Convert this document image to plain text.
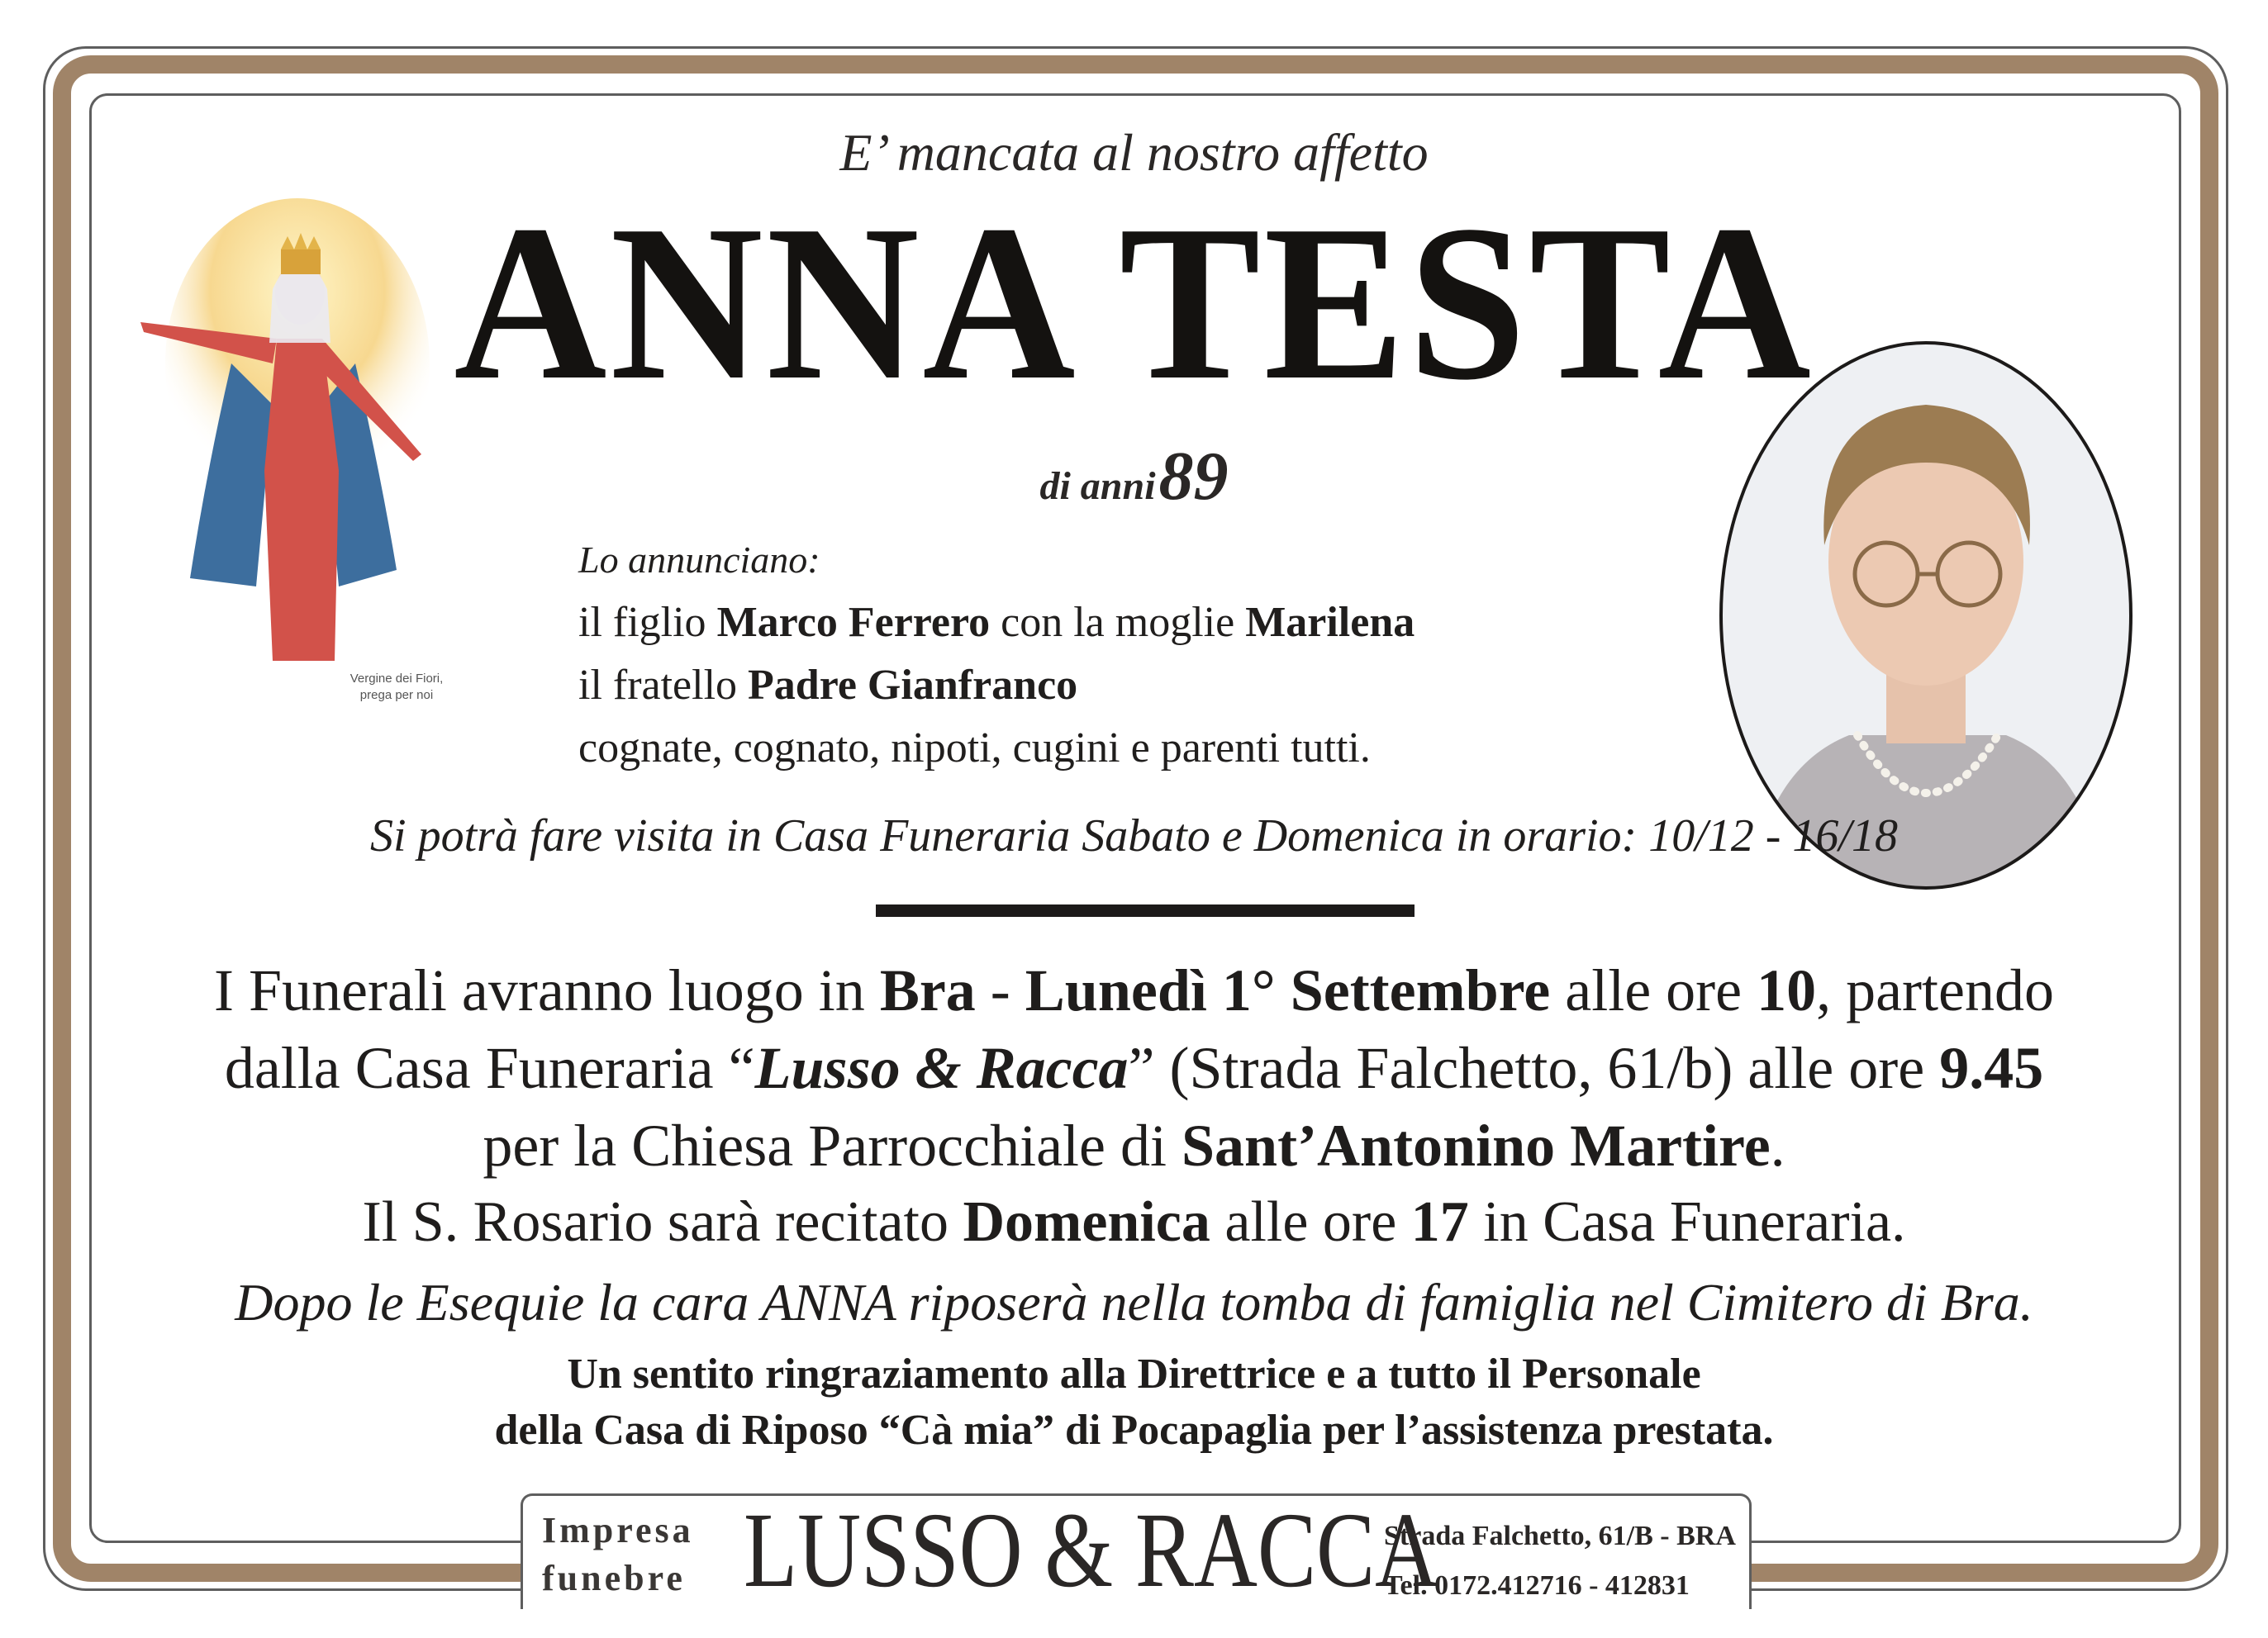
E’ mancata al nostro affetto
ANNA TESTA
di anni 89
Vergine dei Fiori,
prega per noi
Lo annunciano:
il figlio Marco Ferrero con la moglie Marilena
il fratello Padre Gianfranco
cognate, cognato, nipoti, cugini e parenti tutti.
Si potrà fare visita in Casa Funeraria Sabato e Domenica in orario: 10/12 - 16/18
I Funerali avranno luogo in Bra - Lunedì 1° Settembre alle ore 10, partendo
dalla Casa Funeraria “Lusso & Racca” (Strada Falchetto, 61/b) alle ore 9.45
per la Chiesa Parrocchiale di Sant’Antonino Martire.
Il S. Rosario sarà recitato Domenica alle ore 17 in Casa Funeraria.
Dopo le Esequie la cara ANNA riposerà nella tomba di famiglia nel Cimitero di Bra.
Un sentito ringraziamento alla Direttrice e a tutto il Personale
della Casa di Riposo “Cà mia” di Pocapaglia per l’assistenza prestata.
Impresa
funebre LUSSO & RACCA
Strada Falchetto, 61/B - BRA
Tel. 0172.412716 - 412831
